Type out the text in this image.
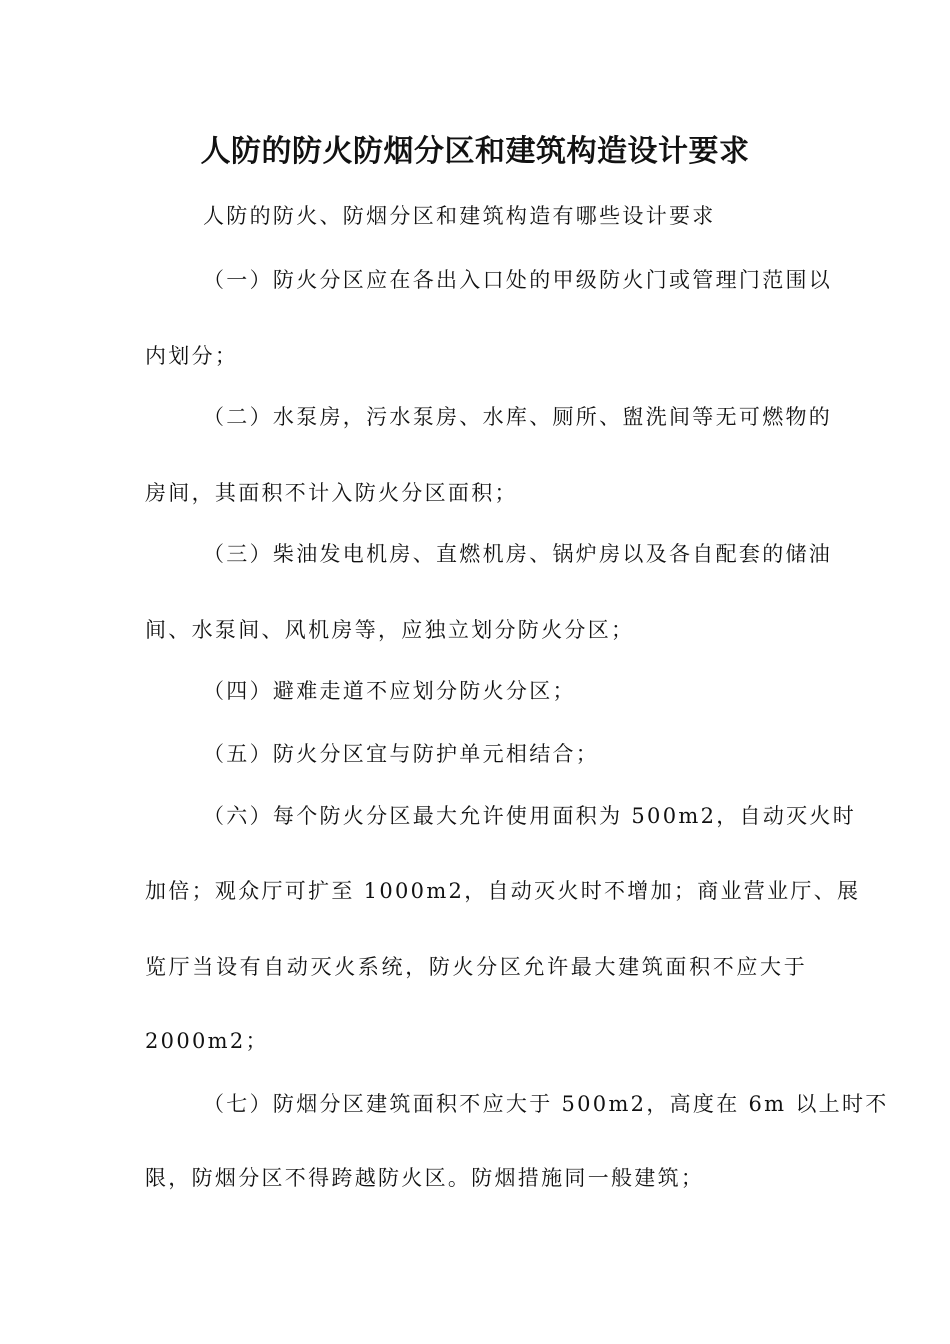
人防的防火防烟分区和建筑构造设计要求

人防的防火、防烟分区和建筑构造有哪些设计要求

（一）防火分区应在各出入口处的甲级防火门或管理门范围以

内划分；

（二）水泵房，污水泵房、水库、厕所、盥洗间等无可燃物的

房间，其面积不计入防火分区面积；

（三）柴油发电机房、直燃机房、锅炉房以及各自配套的储油

间、水泵间、风机房等，应独立划分防火分区；

（四）避难走道不应划分防火分区；

（五）防火分区宜与防护单元相结合；

（六）每个防火分区最大允许使用面积为 500m2，自动灭火时

加倍；观众厅可扩至 1000m2，自动灭火时不增加；商业营业厅、展

览厅当设有自动灭火系统，防火分区允许最大建筑面积不应大于

2000m2；

（七）防烟分区建筑面积不应大于 500m2，高度在 6m 以上时不

限，防烟分区不得跨越防火区。防烟措施同一般建筑；
